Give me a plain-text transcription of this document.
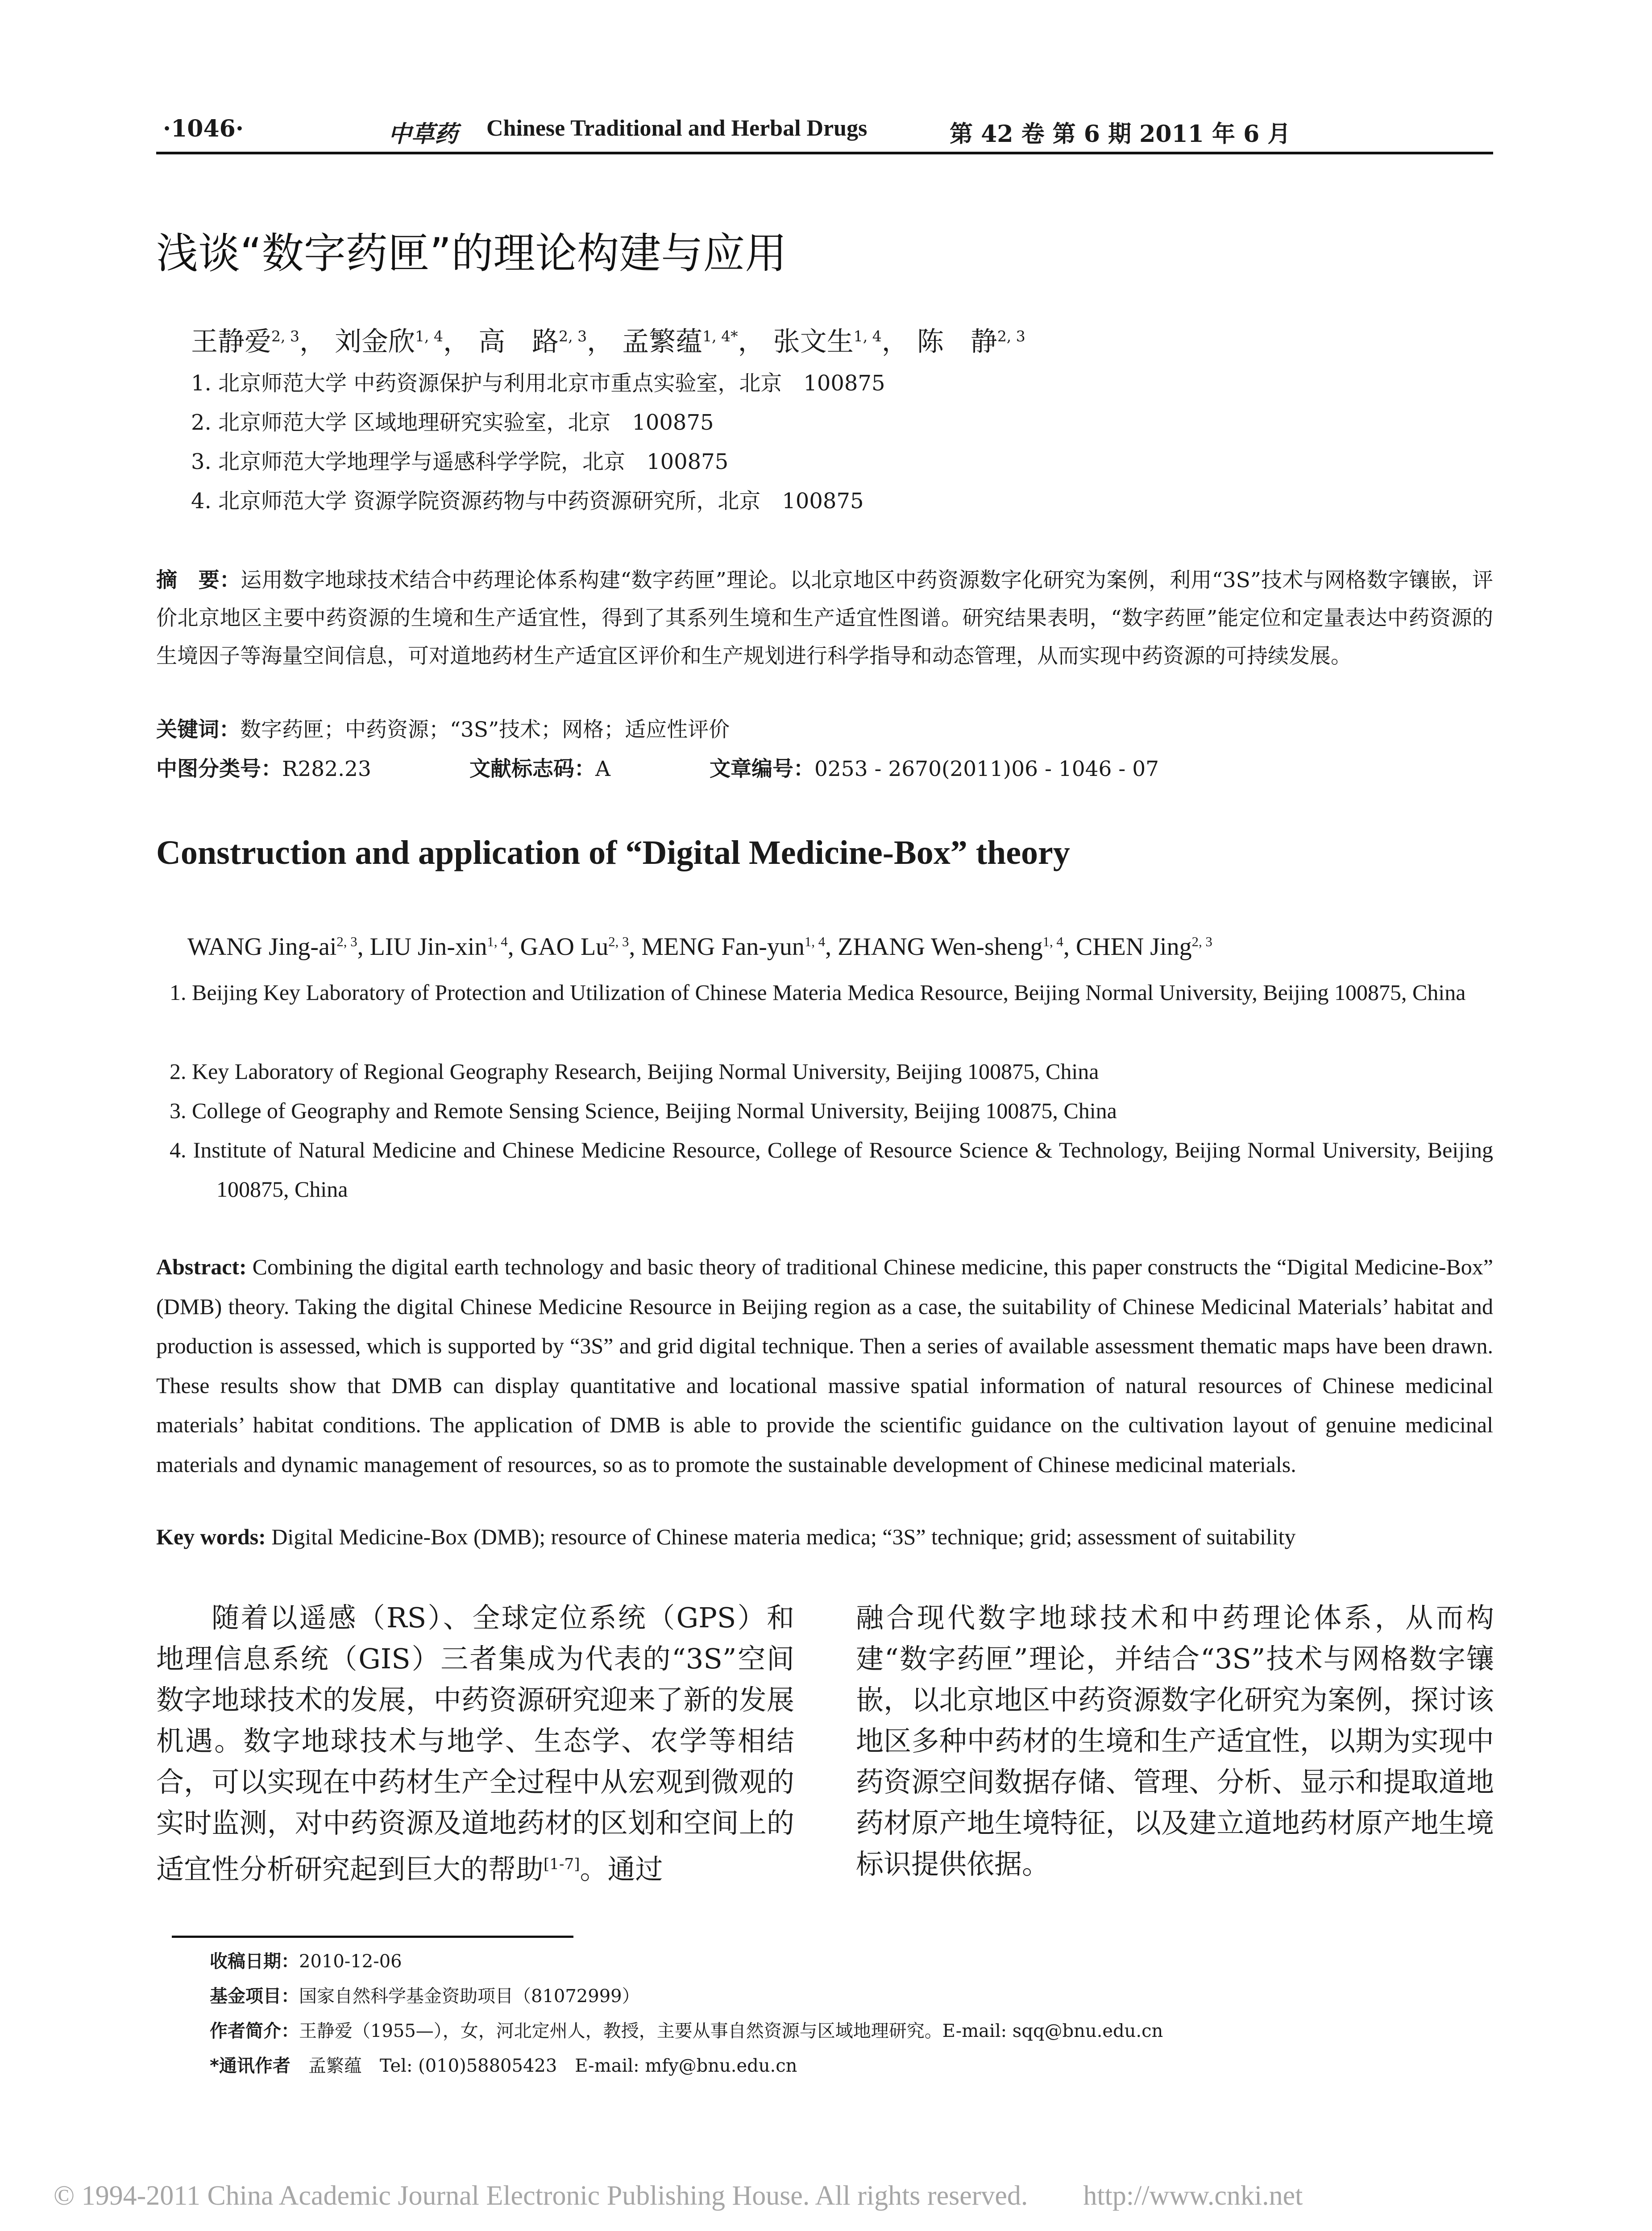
·1046·	中草药 Chinese Traditional and Herbal Drugs	第 42 卷 第 6 期 2011 年 6 月
浅谈“数字药匣”的理论构建与应用
王静爱$^{2, 3}$， 刘金欣$^{1, 4}$， 高　路$^{2, 3}$， 孟繁蕴$^{1, 4*}$， 张文生$^{1, 4}$， 陈　静$^{2, 3}$
1. 北京师范大学 中药资源保护与利用北京市重点实验室，北京　100875
2. 北京师范大学 区域地理研究实验室，北京　100875
3. 北京师范大学地理学与遥感科学学院，北京　100875
4. 北京师范大学 资源学院资源药物与中药资源研究所，北京　100875
摘　要：运用数字地球技术结合中药理论体系构建“数字药匣”理论。以北京地区中药资源数字化研究为案例，利用“3S”技术与网格数字镶嵌，评价北京地区主要中药资源的生境和生产适宜性，得到了其系列生境和生产适宜性图谱。研究结果表明，“数字药匣”能定位和定量表达中药资源的生境因子等海量空间信息，可对道地药材生产适宜区评价和生产规划进行科学指导和动态管理，从而实现中药资源的可持续发展。
关键词：数字药匣；中药资源；“3S”技术；网格；适应性评价
中图分类号：R282.23	文献标志码：A	文章编号：0253 - 2670(2011)06 - 1046 - 07
Construction and application of “Digital Medicine-Box” theory
WANG Jing-ai$^{2, 3}$, LIU Jin-xin$^{1, 4}$, GAO Lu$^{2, 3}$, MENG Fan-yun$^{1, 4}$, ZHANG Wen-sheng$^{1, 4}$, CHEN Jing$^{2, 3}$
1. Beijing Key Laboratory of Protection and Utilization of Chinese Materia Medica Resource, Beijing Normal University, Beijing 100875, China
2. Key Laboratory of Regional Geography Research, Beijing Normal University, Beijing 100875, China
3. College of Geography and Remote Sensing Science, Beijing Normal University, Beijing 100875, China
4. Institute of Natural Medicine and Chinese Medicine Resource, College of Resource Science & Technology, Beijing Normal University, Beijing 100875, China
Abstract: Combining the digital earth technology and basic theory of traditional Chinese medicine, this paper constructs the “Digital Medicine-Box” (DMB) theory. Taking the digital Chinese Medicine Resource in Beijing region as a case, the suitability of Chinese Medicinal Materials’ habitat and production is assessed, which is supported by “3S” and grid digital technique. Then a series of available assessment thematic maps have been drawn. These results show that DMB can display quantitative and locational massive spatial information of natural resources of Chinese medicinal materials’ habitat conditions. The application of DMB is able to provide the scientific guidance on the cultivation layout of genuine medicinal materials and dynamic management of resources, so as to promote the sustainable development of Chinese medicinal materials.
Key words: Digital Medicine-Box (DMB); resource of Chinese materia medica; “3S” technique; grid; assessment of suitability
随着以遥感（RS）、全球定位系统（GPS）和地理信息系统（GIS）三者集成为代表的“3S”空间数字地球技术的发展，中药资源研究迎来了新的发展机遇。数字地球技术与地学、生态学、农学等相结合，可以实现在中药材生产全过程中从宏观到微观的实时监测，对中药资源及道地药材的区划和空间上的适宜性分析研究起到巨大的帮助[1-7]。通过
融合现代数字地球技术和中药理论体系，从而构建“数字药匣”理论，并结合“3S”技术与网格数字镶嵌，以北京地区中药资源数字化研究为案例，探讨该地区多种中药材的生境和生产适宜性，以期为实现中药资源空间数据存储、管理、分析、显示和提取道地药材原产地生境特征，以及建立道地药材原产地生境标识提供依据。
收稿日期：2010-12-06
基金项目：国家自然科学基金资助项目（81072999）
作者简介：王静爱（1955—），女，河北定州人，教授，主要从事自然资源与区域地理研究。E-mail: sqq@bnu.edu.cn
*通讯作者　孟繁蕴　Tel: (010)58805423　E-mail: mfy@bnu.edu.cn
© 1994-2011 China Academic Journal Electronic Publishing House. All rights reserved.　　http://www.cnki.net
